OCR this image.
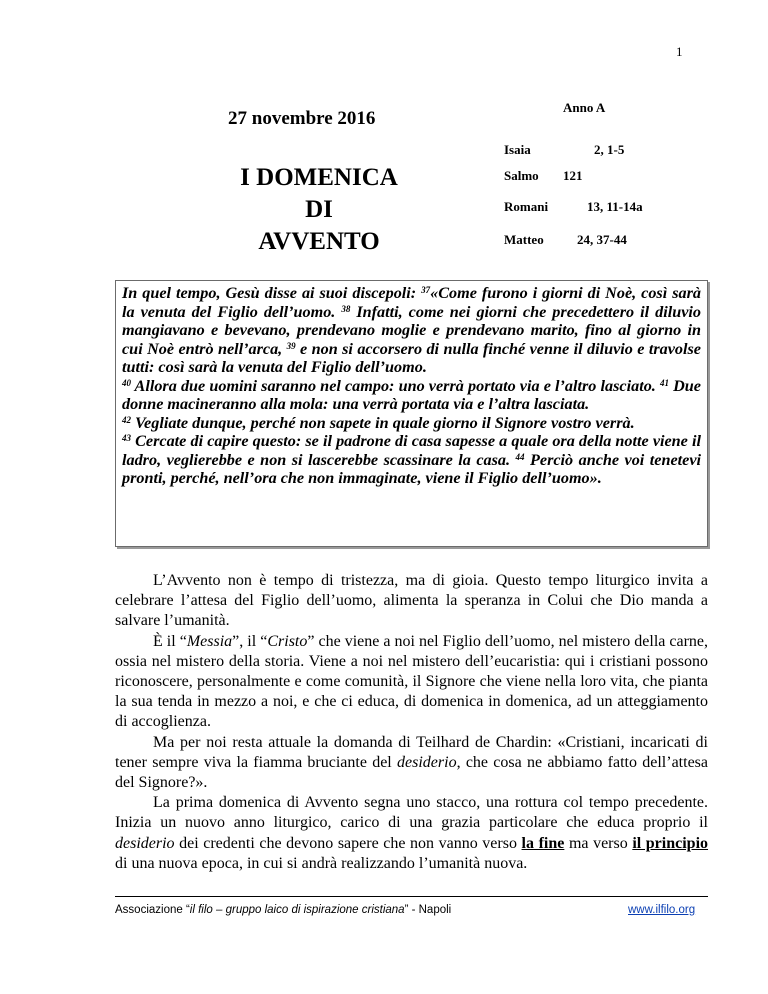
1
Anno A
27 novembre 2016
I DOMENICA
DI
AVVENTO
Isaia	2, 1-5
Salmo 121
Romani	13, 11-14a
Matteo	24, 37-44

In quel tempo, Gesù disse ai suoi discepoli: $^{37}$«Come furono i giorni di Noè, così sarà la venuta del Figlio dell’uomo. $^{38}$ Infatti, come nei giorni che precedettero il diluvio mangiavano e bevevano, prendevano moglie e prendevano marito, fino al giorno in cui Noè entrò nell’arca, $^{39}$ e non si accorsero di nulla finché venne il diluvio e travolse tutti: così sarà la venuta del Figlio dell’uomo.

$^{40}$ Allora due uomini saranno nel campo: uno verrà portato via e l’altro lasciato. $^{41}$ Due donne macineranno alla mola: una verrà portata via e l’altra lasciata.

$^{42}$ Vegliate dunque, perché non sapete in quale giorno il Signore vostro verrà.

$^{43}$ Cercate di capire questo: se il padrone di casa sapesse a quale ora della notte viene il ladro, veglierebbe e non si lascerebbe scassinare la casa. $^{44}$ Perciò anche voi tenetevi pronti, perché, nell’ora che non immaginate, viene il Figlio dell’uomo».

L’Avvento non è tempo di tristezza, ma di gioia. Questo tempo liturgico invita a celebrare l’attesa del Figlio dell’uomo, alimenta la speranza in Colui che Dio manda a salvare l’umanità.

È il “Messia”, il “Cristo” che viene a noi nel Figlio dell’uomo, nel mistero della carne, ossia nel mistero della storia. Viene a noi nel mistero dell’eucaristia: qui i cristiani possono riconoscere, personalmente e come comunità, il Signore che viene nella loro vita, che pianta la sua tenda in mezzo a noi, e che ci educa, di domenica in domenica, ad un atteggiamento di accoglienza.

Ma per noi resta attuale la domanda di Teilhard de Chardin: «Cristiani, incaricati di tener sempre viva la fiamma bruciante del desiderio, che cosa ne abbiamo fatto dell’attesa del Signore?».

La prima domenica di Avvento segna uno stacco, una rottura col tempo precedente. Inizia un nuovo anno liturgico, carico di una grazia particolare che educa proprio il desiderio dei credenti che devono sapere che non vanno verso la fine ma verso il principio di una nuova epoca, in cui si andrà realizzando l’umanità nuova.

Associazione “il filo – gruppo laico di ispirazione cristiana” - Napoli	www.ilfilo.org
